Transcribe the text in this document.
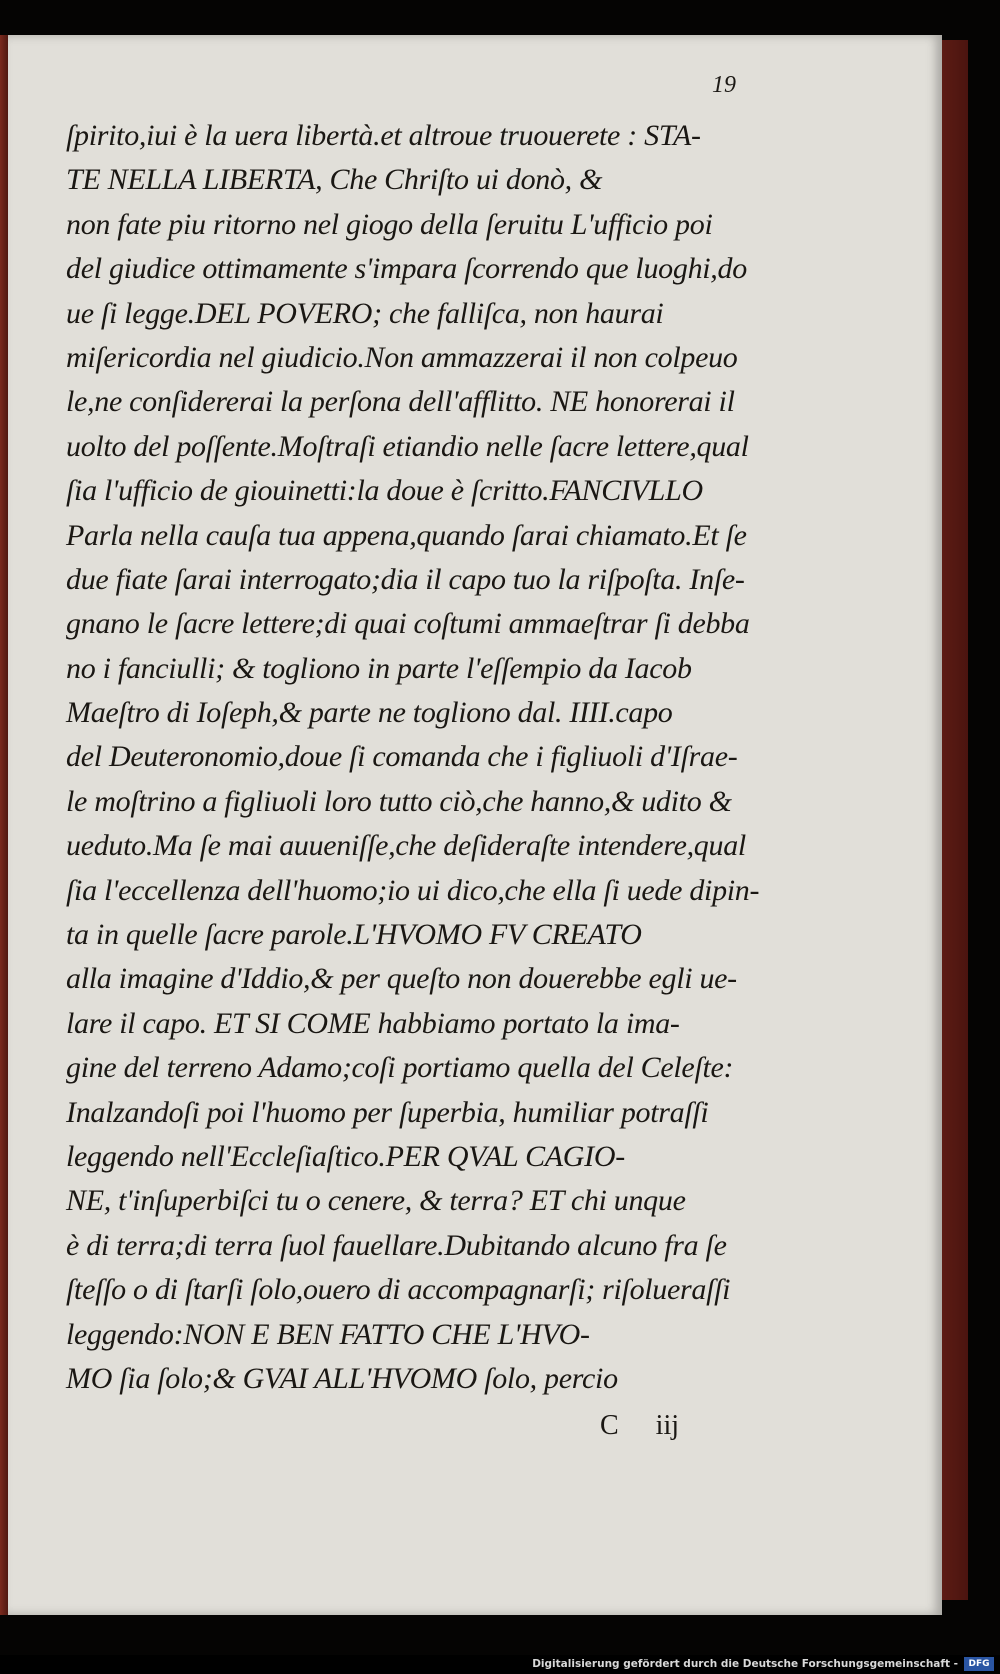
19
ſpirito,iui è la uera libertà.et altroue truouerete : STA-
TE NELLA LIBERTA, Che Chriſto ui donò, &
non fate piu ritorno nel giogo della ſeruitu L'ufficio poi
del giudice ottimamente s'impara ſcorrendo que luoghi,do
ue ſi legge.DEL POVERO; che falliſca, non haurai
miſericordia nel giudicio.Non ammazzerai il non colpeuo
le,ne conſidererai la perſona dell'afflitto. NE honorerai il
uolto del poſſente.Moſtraſi etiandio nelle ſacre lettere,qual
ſia l'ufficio de giouinetti:la doue è ſcritto.FANCIVLLO
Parla nella cauſa tua appena,quando ſarai chiamato.Et ſe
due fiate ſarai interrogato;dia il capo tuo la riſpoſta. Inſe-
gnano le ſacre lettere;di quai coſtumi ammaeſtrar ſi debba
no i fanciulli; & togliono in parte l'eſſempio da Iacob
Maeſtro di Ioſeph,& parte ne togliono dal. IIII.capo
del Deuteronomio,doue ſi comanda che i figliuoli d'Iſrae-
le moſtrino a figliuoli loro tutto ciò,che hanno,& udito &
ueduto.Ma ſe mai auueniſſe,che deſideraſte intendere,qual
ſia l'eccellenza dell'huomo;io ui dico,che ella ſi uede dipin-
ta in quelle ſacre parole.L'HVOMO FV CREATO
alla imagine d'Iddio,& per queſto non douerebbe egli ue-
lare il capo. ET SI COME habbiamo portato la ima-
gine del terreno Adamo;coſi portiamo quella del Celeſte:
Inalzandoſi poi l'huomo per ſuperbia, humiliar potraſſi
leggendo nell'Eccleſiaſtico.PER QVAL CAGIO-
NE, t'inſuperbiſci tu o cenere, & terra? ET chi unque
è di terra;di terra ſuol fauellare.Dubitando alcuno fra ſe
ſteſſo o di ſtarſi ſolo,ouero di accompagnarſi; riſolueraſſi
leggendo:NON E BEN FATTO CHE L'HVO-
MO ſia ſolo;& GVAI ALL'HVOMO ſolo, percio
C iij
Digitalisierung gefördert durch die Deutsche Forschungsgemeinschaft -	DFG
